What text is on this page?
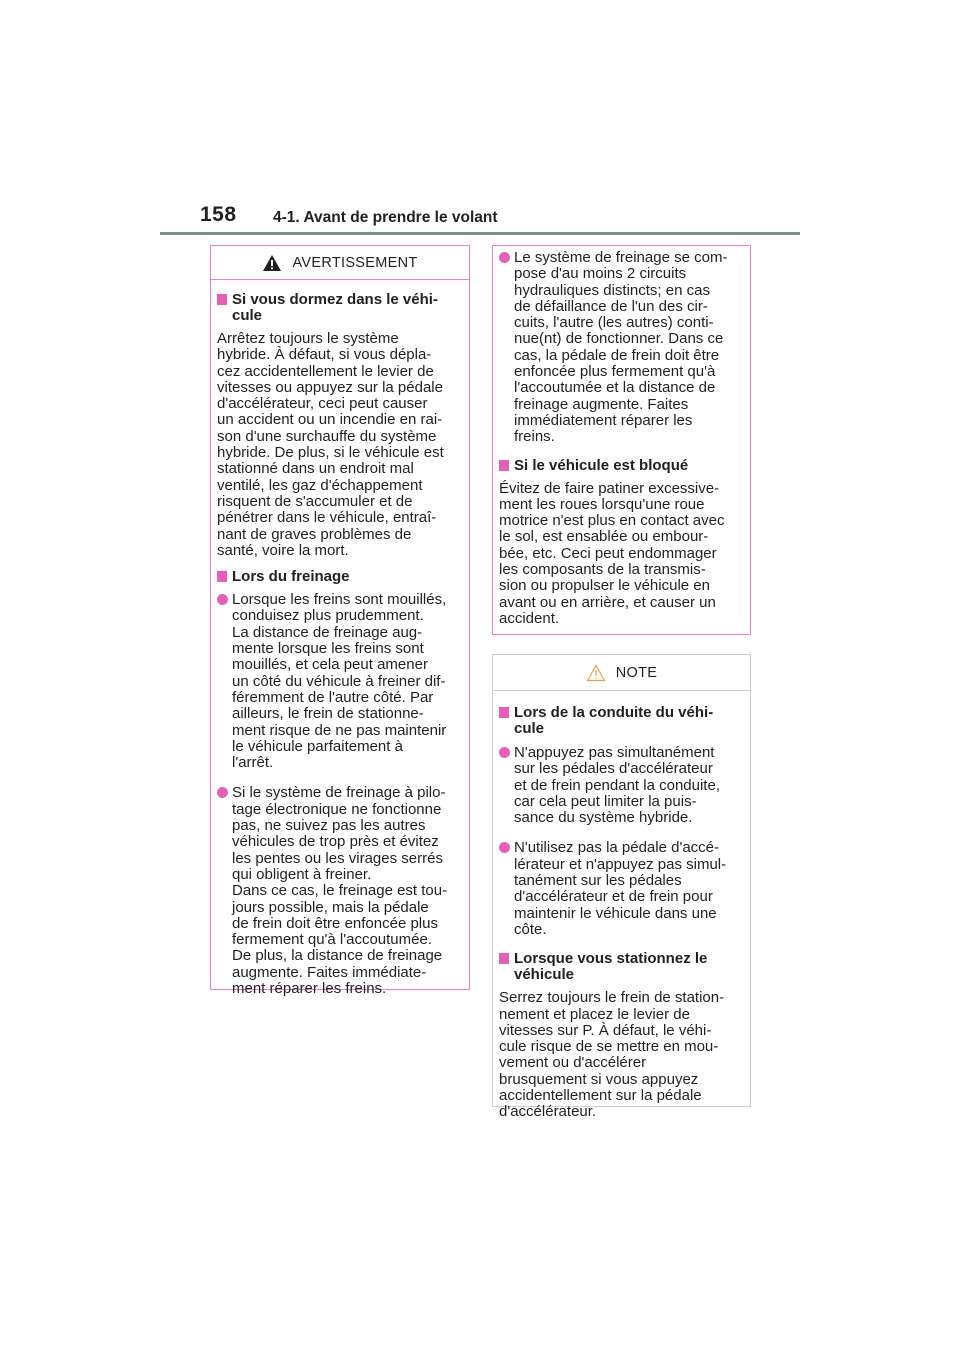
158 4-1. Avant de prendre le volant
AVERTISSEMENT
Si vous dormez dans le véhi-
cule
Arrêtez toujours le système
hybride. À défaut, si vous dépla-
cez accidentellement le levier de
vitesses ou appuyez sur la pédale
d'accélérateur, ceci peut causer
un accident ou un incendie en rai-
son d'une surchauffe du système
hybride. De plus, si le véhicule est
stationné dans un endroit mal
ventilé, les gaz d'échappement
risquent de s'accumuler et de
pénétrer dans le véhicule, entraî-
nant de graves problèmes de
santé, voire la mort.
Lors du freinage
Lorsque les freins sont mouillés,
conduisez plus prudemment.
La distance de freinage aug-
mente lorsque les freins sont
mouillés, et cela peut amener
un côté du véhicule à freiner dif-
féremment de l'autre côté. Par
ailleurs, le frein de stationne-
ment risque de ne pas maintenir
le véhicule parfaitement à
l'arrêt.
Si le système de freinage à pilo-
tage électronique ne fonctionne
pas, ne suivez pas les autres
véhicules de trop près et évitez
les pentes ou les virages serrés
qui obligent à freiner.
Dans ce cas, le freinage est tou-
jours possible, mais la pédale
de frein doit être enfoncée plus
fermement qu'à l'accoutumée.
De plus, la distance de freinage
augmente. Faites immédiate-
ment réparer les freins.
Le système de freinage se com-
pose d'au moins 2 circuits
hydrauliques distincts; en cas
de défaillance de l'un des cir-
cuits, l'autre (les autres) conti-
nue(nt) de fonctionner. Dans ce
cas, la pédale de frein doit être
enfoncée plus fermement qu'à
l'accoutumée et la distance de
freinage augmente. Faites
immédiatement réparer les
freins.
Si le véhicule est bloqué
Évitez de faire patiner excessive-
ment les roues lorsqu'une roue
motrice n'est plus en contact avec
le sol, est ensablée ou embour-
bée, etc. Ceci peut endommager
les composants de la transmis-
sion ou propulser le véhicule en
avant ou en arrière, et causer un
accident.
NOTE
Lors de la conduite du véhi-
cule
N'appuyez pas simultanément
sur les pédales d'accélérateur
et de frein pendant la conduite,
car cela peut limiter la puis-
sance du système hybride.
N'utilisez pas la pédale d'accé-
lérateur et n'appuyez pas simul-
tanément sur les pédales
d'accélérateur et de frein pour
maintenir le véhicule dans une
côte.
Lorsque vous stationnez le
véhicule
Serrez toujours le frein de station-
nement et placez le levier de
vitesses sur P. À défaut, le véhi-
cule risque de se mettre en mou-
vement ou d'accélérer
brusquement si vous appuyez
accidentellement sur la pédale
d'accélérateur.
